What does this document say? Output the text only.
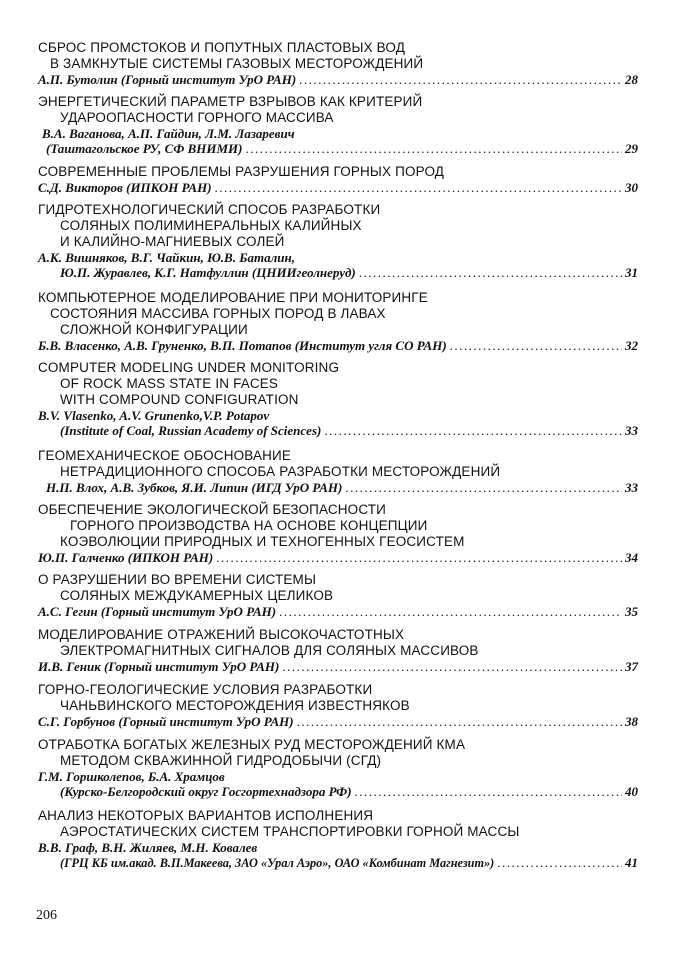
СБРОС ПРОМСТОКОВ И ПОПУТНЫХ ПЛАСТОВЫХ ВОД
В ЗАМКНУТЫЕ СИСТЕМЫ ГАЗОВЫХ МЕСТОРОЖДЕНИЙ
А.П. Бутолин (Горный институт УрО РАН) .....	28
ЭНЕРГЕТИЧЕСКИЙ ПАРАМЕТР ВЗРЫВОВ КАК КРИТЕРИЙ
УДАРООПАСНОСТИ ГОРНОГО МАССИВА
В.А. Ваганова, А.П. Гайдин, Л.М. Лазаревич
(Таштагольское РУ, СФ ВНИМИ) .....	29
СОВРЕМЕННЫЕ ПРОБЛЕМЫ РАЗРУШЕНИЯ ГОРНЫХ ПОРОД
С.Д. Викторов (ИПКОН РАН) .....	30
ГИДРОТЕХНОЛОГИЧЕСКИЙ СПОСОБ РАЗРАБОТКИ
СОЛЯНЫХ ПОЛИМИНЕРАЛЬНЫХ КАЛИЙНЫХ
И КАЛИЙНО-МАГНИЕВЫХ СОЛЕЙ
А.К. Вишняков, В.Г. Чайкин, Ю.В. Баталин,
Ю.П. Журавлев, К.Г. Натфуллин (ЦНИИгеолнеруд) .....	31
КОМПЬЮТЕРНОЕ МОДЕЛИРОВАНИЕ ПРИ МОНИТОРИНГЕ
СОСТОЯНИЯ МАССИВА ГОРНЫХ ПОРОД В ЛАВАХ
СЛОЖНОЙ КОНФИГУРАЦИИ
Б.В. Власенко, А.В. Груненко, В.П. Потапов (Институт угля СО РАН) .....	32
COMPUTER MODELING UNDER MONITORING
OF ROCK MASS STATE IN FACES
WITH COMPOUND CONFIGURATION
B.V. Vlasenko, A.V. Grunenko,V.P. Potapov
(Institute of Coal, Russian Academy of Sciences) .....	33
ГЕОМЕХАНИЧЕСКОЕ ОБОСНОВАНИЕ
НЕТРАДИЦИОННОГО СПОСОБА РАЗРАБОТКИ МЕСТОРОЖДЕНИЙ
Н.П. Влох, А.В. Зубков, Я.И. Липин (ИГД УрО РАН) .....	33
ОБЕСПЕЧЕНИЕ ЭКОЛОГИЧЕСКОЙ БЕЗОПАСНОСТИ
ГОРНОГО ПРОИЗВОДСТВА НА ОСНОВЕ КОНЦЕПЦИИ
КОЭВОЛЮЦИИ ПРИРОДНЫХ И ТЕХНОГЕННЫХ ГЕОСИСТЕМ
Ю.П. Галченко (ИПКОН РАН) .....	34
О РАЗРУШЕНИИ ВО ВРЕМЕНИ СИСТЕМЫ
СОЛЯНЫХ МЕЖДУКАМЕРНЫХ ЦЕЛИКОВ
А.С. Гегин (Горный институт УрО РАН) .....	35
МОДЕЛИРОВАНИЕ ОТРАЖЕНИЙ ВЫСОКОЧАСТОТНЫХ
ЭЛЕКТРОМАГНИТНЫХ СИГНАЛОВ ДЛЯ СОЛЯНЫХ МАССИВОВ
И.В. Геник (Горный институт УрО РАН) .....	37
ГОРНО-ГЕОЛОГИЧЕСКИЕ УСЛОВИЯ РАЗРАБОТКИ
ЧАНЬВИНСКОГО МЕСТОРОЖДЕНИЯ ИЗВЕСТНЯКОВ
С.Г. Горбунов (Горный институт УрО РАН) .....	38
ОТРАБОТКА БОГАТЫХ ЖЕЛЕЗНЫХ РУД МЕСТОРОЖДЕНИЙ КМА
МЕТОДОМ СКВАЖИННОЙ ГИДРОДОБЫЧИ (СГД)
Г.М. Горшколепов, Б.А. Храмцов
(Курско-Белгородский округ Госгортехнадзора РФ) .....	40
АНАЛИЗ НЕКОТОРЫХ ВАРИАНТОВ ИСПОЛНЕНИЯ
АЭРОСТАТИЧЕСКИХ СИСТЕМ ТРАНСПОРТИРОВКИ ГОРНОЙ МАССЫ
В.В. Граф, В.Н. Жиляев, М.Н. Ковалев
(ГРЦ КБ им.акад. В.П.Макеева, ЗАО «Урал Аэро», ОАО «Комбинат Магнезит») .....	41
206
